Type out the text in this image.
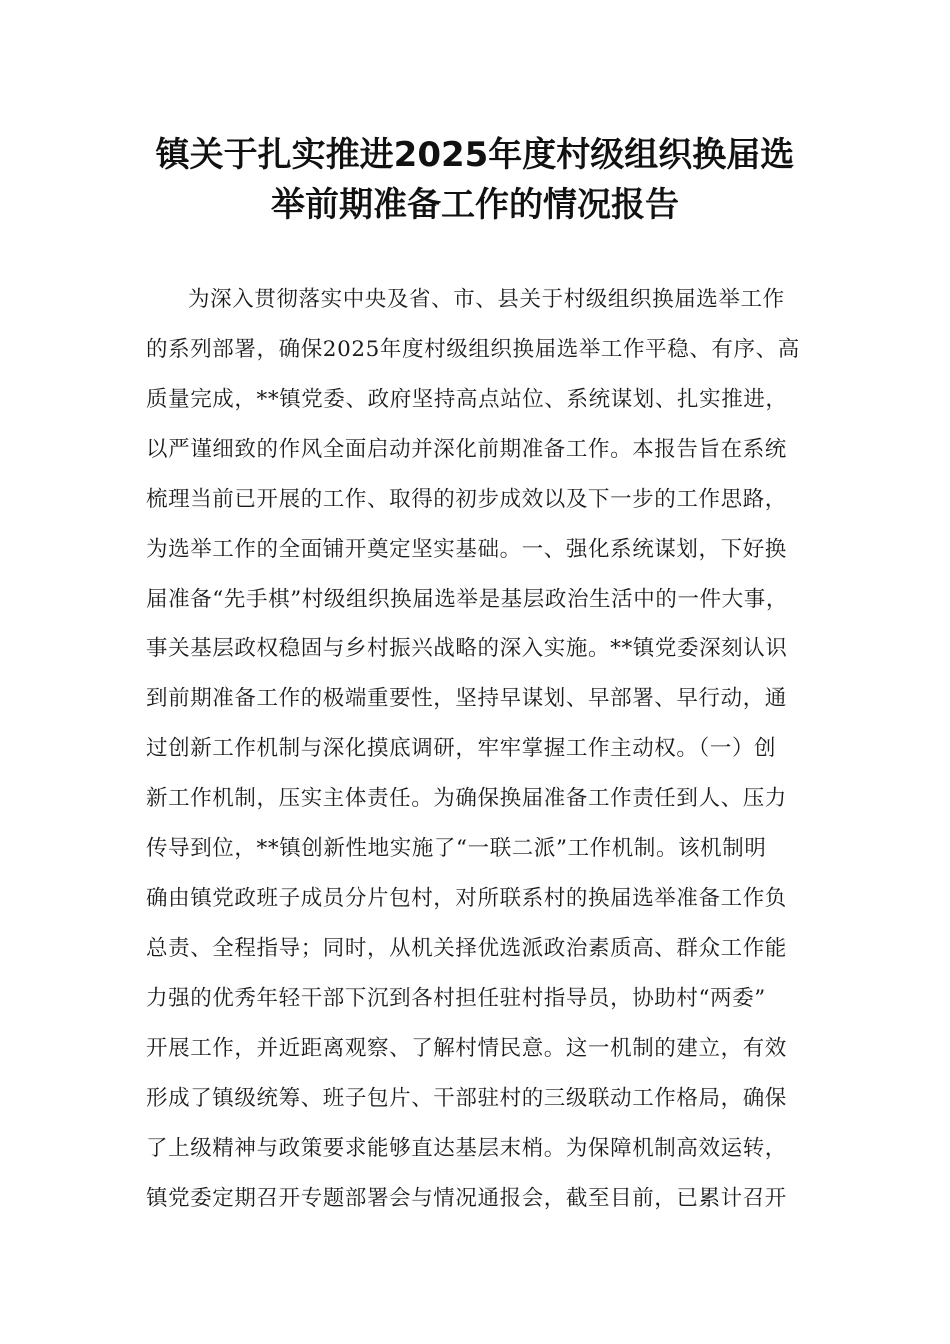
镇关于扎实推进2025年度村级组织换届选
举前期准备工作的情况报告
为深入贯彻落实中央及省、市、县关于村级组织换届选举工作
的系列部署，确保2025年度村级组织换届选举工作平稳、有序、高
质量完成，**镇党委、政府坚持高点站位、系统谋划、扎实推进，
以严谨细致的作风全面启动并深化前期准备工作。本报告旨在系统
梳理当前已开展的工作、取得的初步成效以及下一步的工作思路，
为选举工作的全面铺开奠定坚实基础。一、强化系统谋划，下好换
届准备“先手棋”村级组织换届选举是基层政治生活中的一件大事，
事关基层政权稳固与乡村振兴战略的深入实施。**镇党委深刻认识
到前期准备工作的极端重要性，坚持早谋划、早部署、早行动，通
过创新工作机制与深化摸底调研，牢牢掌握工作主动权。（一）创
新工作机制，压实主体责任。为确保换届准备工作责任到人、压力
传导到位，**镇创新性地实施了“一联二派”工作机制。该机制明
确由镇党政班子成员分片包村，对所联系村的换届选举准备工作负
总责、全程指导；同时，从机关择优选派政治素质高、群众工作能
力强的优秀年轻干部下沉到各村担任驻村指导员，协助村“两委”
开展工作，并近距离观察、了解村情民意。这一机制的建立，有效
形成了镇级统筹、班子包片、干部驻村的三级联动工作格局，确保
了上级精神与政策要求能够直达基层末梢。为保障机制高效运转，
镇党委定期召开专题部署会与情况通报会，截至目前，已累计召开
